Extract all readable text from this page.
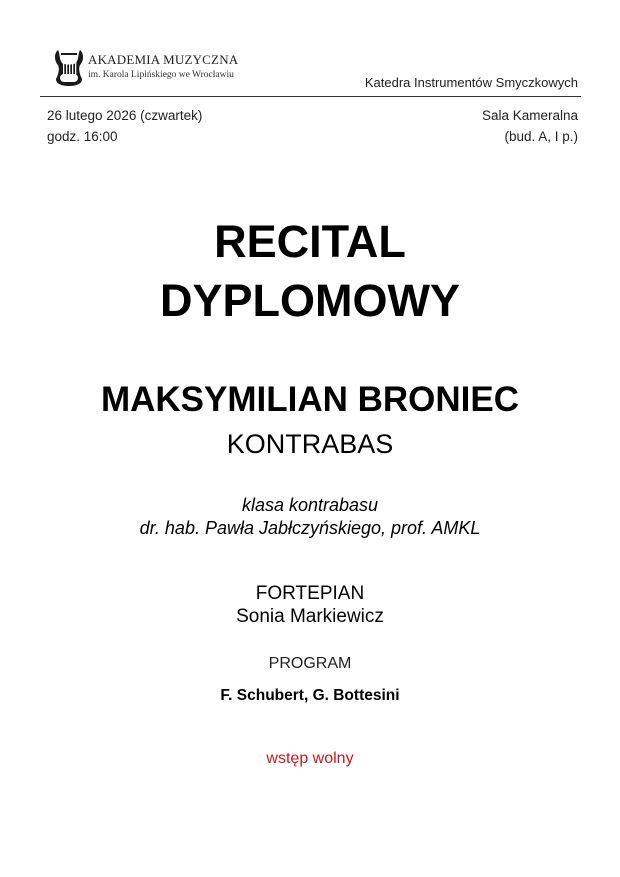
AKADEMIA MUZYCZNA
im. Karola Lipińskiego we Wrocławiu	Katedra Instrumentów Smyczkowych
26 lutego 2026 (czwartek)
godz. 16:00
Sala Kameralna
(bud. A, I p.)
RECITAL
DYPLOMOWY
MAKSYMILIAN BRONIEC
KONTRABAS
klasa kontrabasu
dr. hab. Pawła Jabłczyńskiego, prof. AMKL
FORTEPIAN
Sonia Markiewicz
PROGRAM
F. Schubert, G. Bottesini
wstęp wolny
